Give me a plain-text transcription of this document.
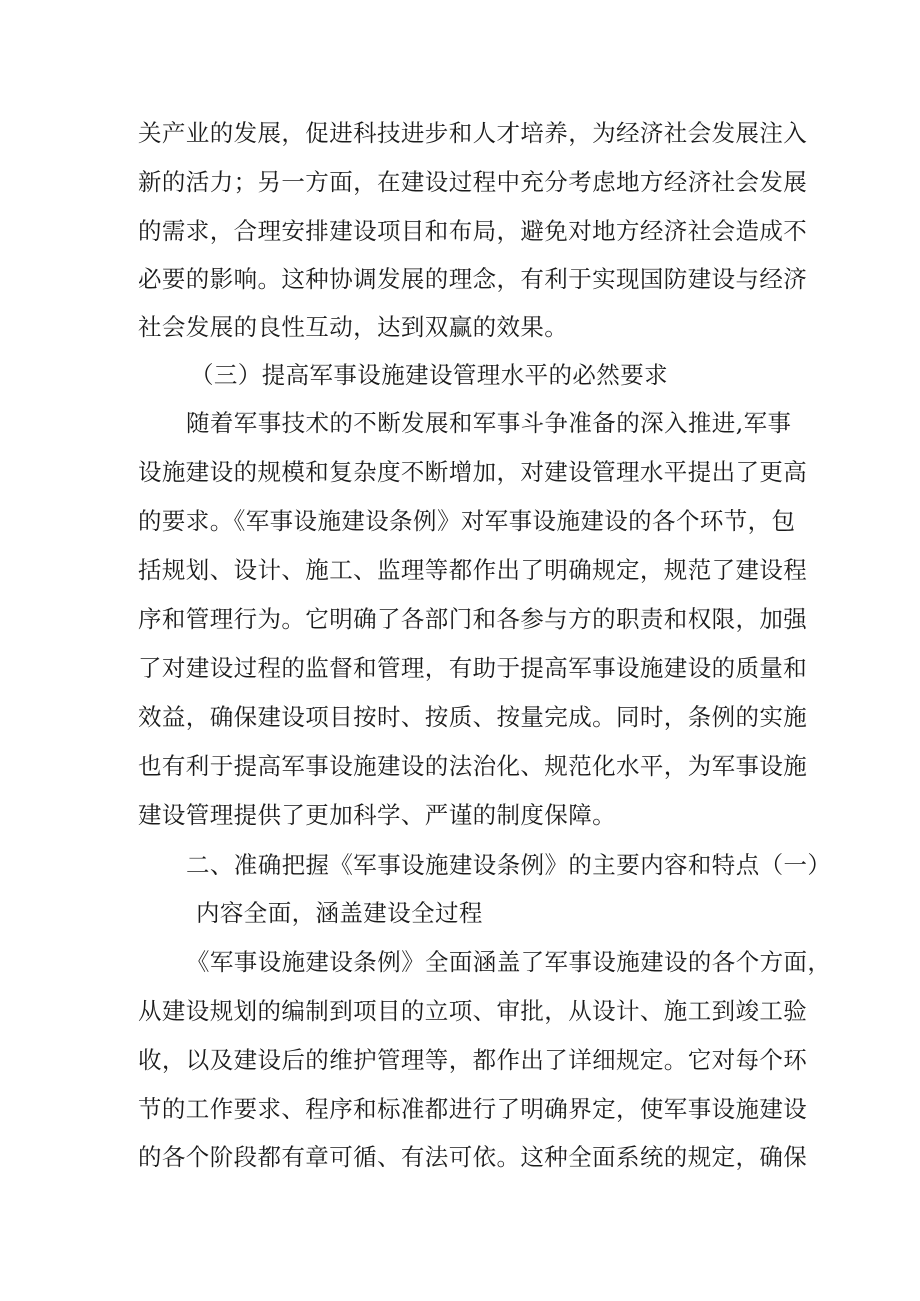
关产业的发展，促进科技进步和人才培养，为经济社会发展注入
新的活力；另一方面，在建设过程中充分考虑地方经济社会发展
的需求，合理安排建设项目和布局，避免对地方经济社会造成不
必要的影响。这种协调发展的理念，有利于实现国防建设与经济
社会发展的良性互动，达到双赢的效果。
（三）提高军事设施建设管理水平的必然要求
随着军事技术的不断发展和军事斗争准备的深入推进,军事
设施建设的规模和复杂度不断增加，对建设管理水平提出了更高
的要求。《军事设施建设条例》对军事设施建设的各个环节，包
括规划、设计、施工、监理等都作出了明确规定，规范了建设程
序和管理行为。它明确了各部门和各参与方的职责和权限，加强
了对建设过程的监督和管理，有助于提高军事设施建设的质量和
效益，确保建设项目按时、按质、按量完成。同时，条例的实施
也有利于提高军事设施建设的法治化、规范化水平，为军事设施
建设管理提供了更加科学、严谨的制度保障。
二、准确把握《军事设施建设条例》的主要内容和特点（一）
内容全面，涵盖建设全过程
《军事设施建设条例》全面涵盖了军事设施建设的各个方面，
从建设规划的编制到项目的立项、审批，从设计、施工到竣工验
收，以及建设后的维护管理等，都作出了详细规定。它对每个环
节的工作要求、程序和标准都进行了明确界定，使军事设施建设
的各个阶段都有章可循、有法可依。这种全面系统的规定，确保
